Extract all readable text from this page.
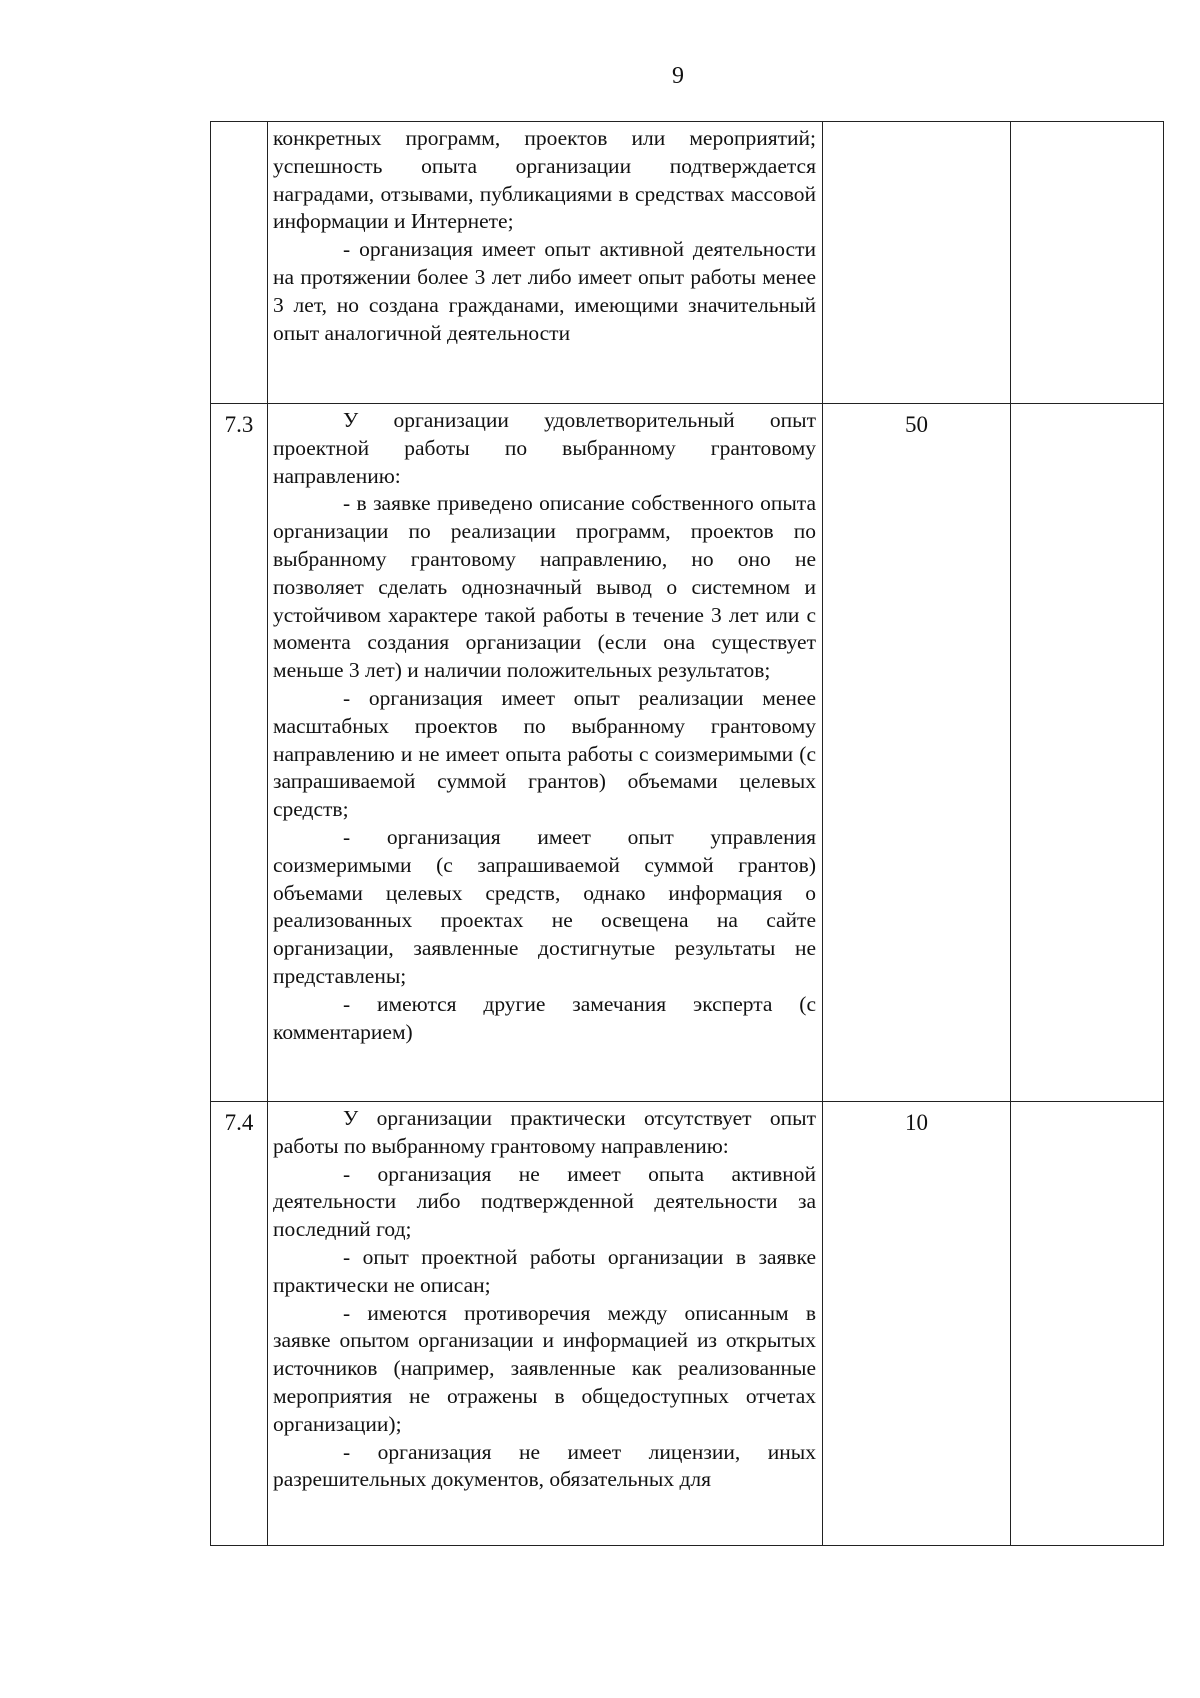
9

	конкретных программ, проектов или мероприятий; успешность опыта организации подтверждается наградами, отзывами, публикациями в средствах массовой информации и Интернете;

- организация имеет опыт активной деятельности на протяжении более 3 лет либо имеет опыт работы менее 3 лет, но создана гражданами, имеющими значительный опыт аналогичной деятельности		

7.3	У организации удовлетворительный опыт проектной работы по выбранному грантовому направлению:

- в заявке приведено описание собственного опыта организации по реализации программ, проектов по выбранному грантовому направлению, но оно не позволяет сделать однозначный вывод о системном и устойчивом характере такой работы в течение 3 лет или с момента создания организации (если она существует меньше 3 лет) и наличии положительных результатов;

- организация имеет опыт реализации менее масштабных проектов по выбранному грантовому направлению и не имеет опыта работы с соизмеримыми (с запрашиваемой суммой грантов) объемами целевых средств;

- организация имеет опыт управления соизмеримыми (с запрашиваемой суммой грантов) объемами целевых средств, однако информация о реализованных проектах не освещена на сайте организации, заявленные достигнутые результаты не представлены;

- имеются другие замечания эксперта (с комментарием)	50	
7.4	У организации практически отсутствует опыт работы по выбранному грантовому направлению:

- организация не имеет опыта активной деятельности либо подтвержденной деятельности за последний год;

- опыт проектной работы организации в заявке практически не описан;

- имеются противоречия между описанным в заявке опытом организации и информацией из открытых источников (например, заявленные как реализованные мероприятия не отражены в общедоступных отчетах организации);

- организация не имеет лицензии, иных разрешительных документов, обязательных для	10	
